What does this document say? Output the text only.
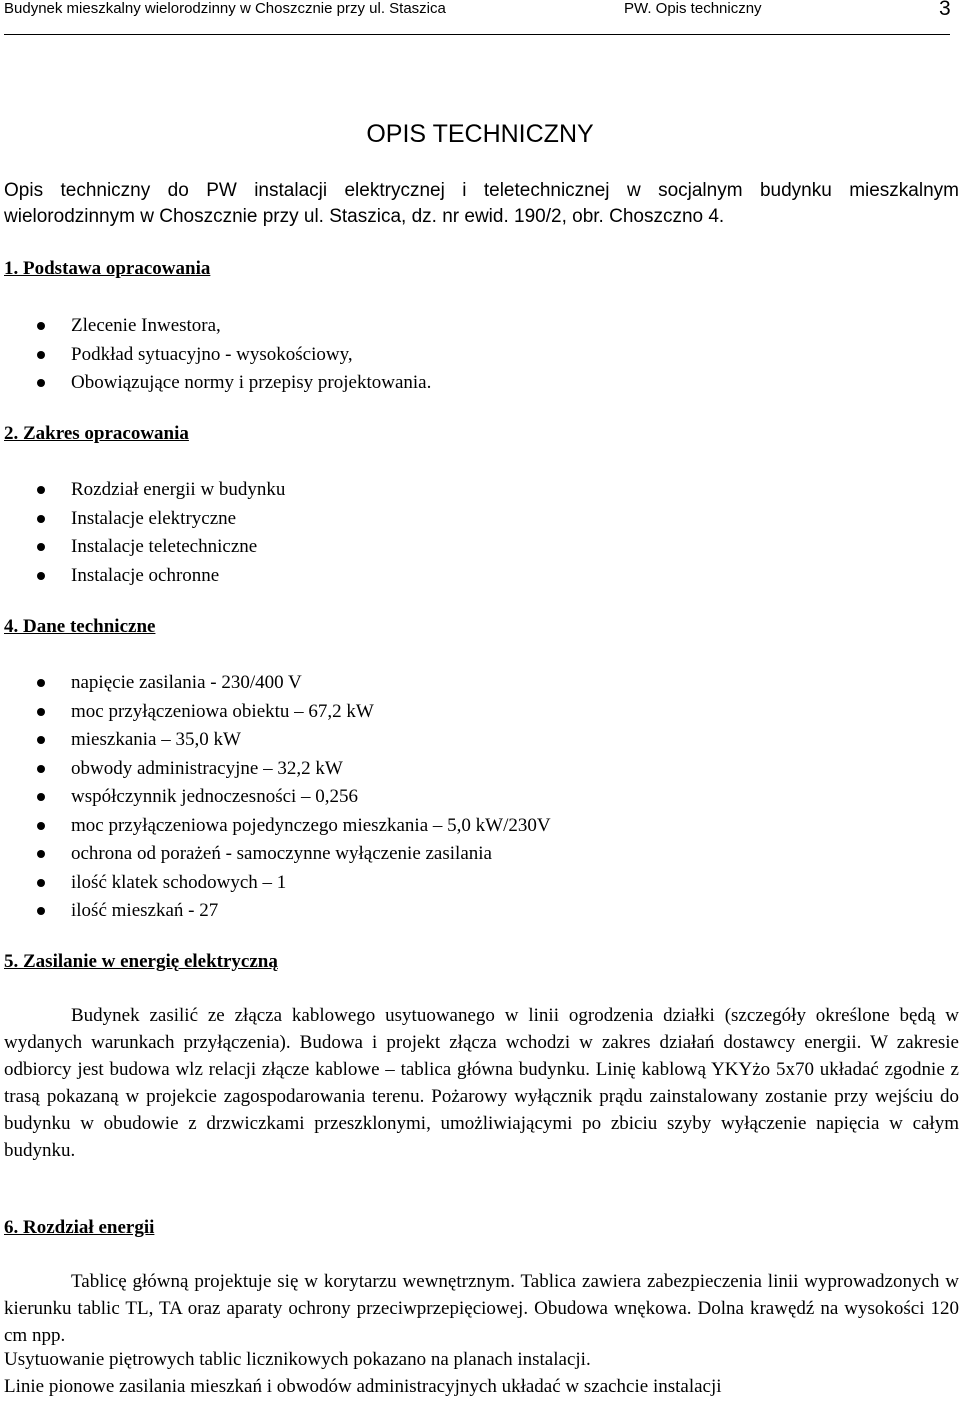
Budynek mieszkalny wielorodzinny w Choszcznie przy ul. Staszica	PW. Opis techniczny	3
OPIS TECHNICZNY
Opis techniczny do PW instalacji elektrycznej i teletechnicznej w socjalnym budynku mieszkalnym wielorodzinnym w Choszcznie przy ul. Staszica, dz. nr ewid. 190/2, obr. Choszczno 4.
1. Podstawa opracowania
Zlecenie Inwestora,
Podkład sytuacyjno - wysokościowy,
Obowiązujące normy i przepisy projektowania.
2. Zakres opracowania
Rozdział energii w budynku
Instalacje elektryczne
Instalacje teletechniczne
Instalacje ochronne
4. Dane techniczne
napięcie zasilania - 230/400 V
moc przyłączeniowa obiektu – 67,2 kW
mieszkania – 35,0 kW
obwody administracyjne – 32,2 kW
współczynnik jednoczesności – 0,256
moc przyłączeniowa pojedynczego mieszkania – 5,0 kW/230V
ochrona od porażeń - samoczynne wyłączenie zasilania
ilość klatek schodowych – 1
ilość mieszkań - 27
5. Zasilanie w energię elektryczną
Budynek zasilić ze złącza kablowego usytuowanego w linii ogrodzenia działki (szczegóły określone będą w wydanych warunkach przyłączenia). Budowa i projekt złącza wchodzi w zakres działań dostawcy energii. W zakresie odbiorcy jest budowa wlz relacji złącze kablowe – tablica główna budynku. Linię kablową YKYżo 5x70 układać zgodnie z trasą pokazaną w projekcie zagospodarowania terenu. Pożarowy wyłącznik prądu zainstalowany zostanie przy wejściu do budynku w obudowie z drzwiczkami przeszklonymi, umożliwiającymi po zbiciu szyby wyłączenie napięcia w całym budynku.
6. Rozdział energii
Tablicę główną projektuje się w korytarzu wewnętrznym. Tablica zawiera zabezpieczenia linii wyprowadzonych w kierunku tablic TL, TA oraz aparaty ochrony przeciwprzepięciowej. Obudowa wnękowa. Dolna krawędź na wysokości 120 cm npp.
Usytuowanie piętrowych tablic licznikowych pokazano na planach instalacji.
Linie pionowe zasilania mieszkań i obwodów administracyjnych układać w szachcie instalacji
